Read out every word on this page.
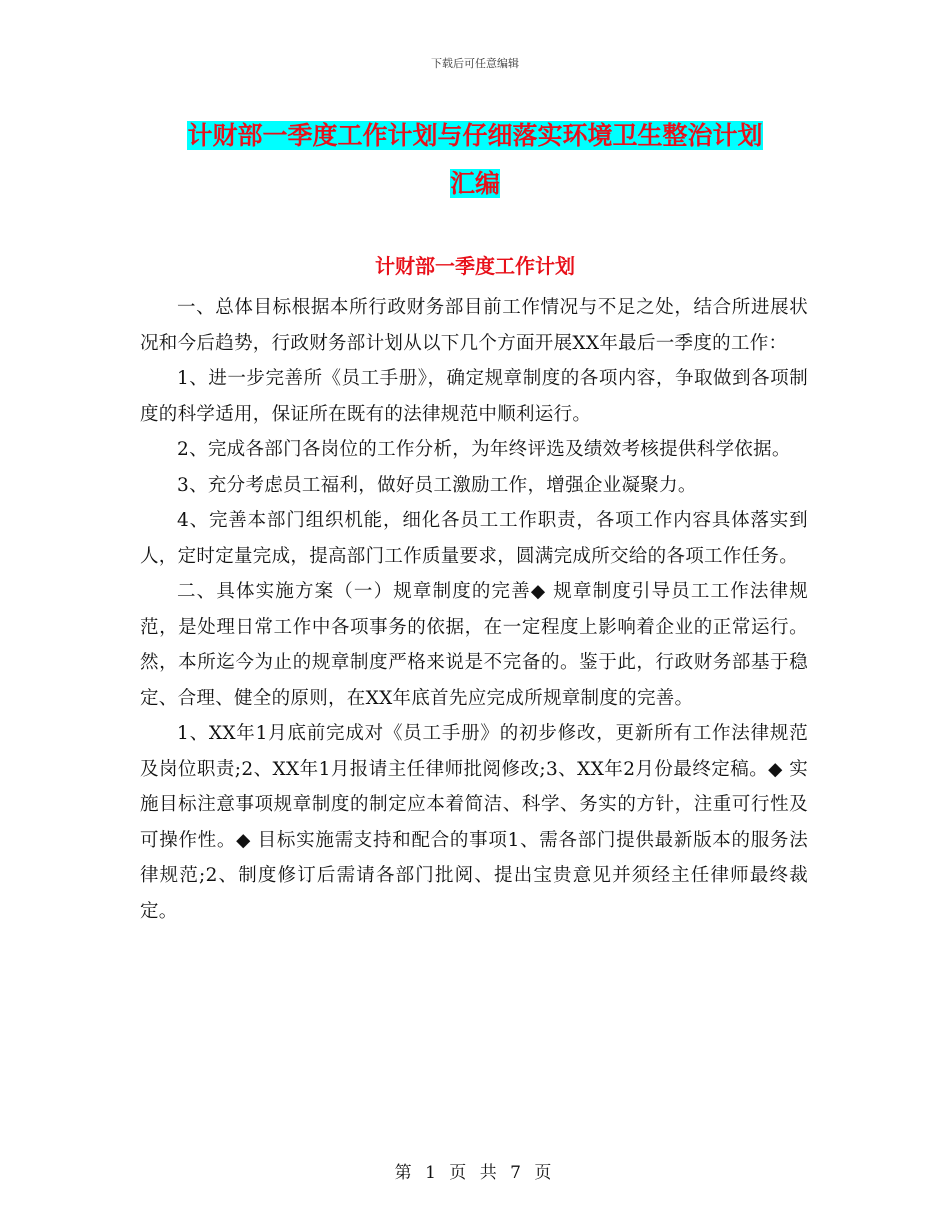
下载后可任意编辑
计财部一季度工作计划与仔细落实环境卫生整治计划
汇编
计财部一季度工作计划

一、总体目标根据本所行政财务部目前工作情况与不足之处，结合所进展状况和今后趋势，行政财务部计划从以下几个方面开展XX年最后一季度的工作：

1、进一步完善所《员工手册》，确定规章制度的各项内容，争取做到各项制度的科学适用，保证所在既有的法律规范中顺利运行。

2、完成各部门各岗位的工作分析，为年终评选及绩效考核提供科学依据。

3、充分考虑员工福利，做好员工激励工作，增强企业凝聚力。

4、完善本部门组织机能，细化各员工工作职责，各项工作内容具体落实到人，定时定量完成，提高部门工作质量要求，圆满完成所交给的各项工作任务。

二、具体实施方案（一）规章制度的完善◆ 规章制度引导员工工作法律规范，是处理日常工作中各项事务的依据，在一定程度上影响着企业的正常运行。然，本所迄今为止的规章制度严格来说是不完备的。鉴于此，行政财务部基于稳定、合理、健全的原则，在XX年底首先应完成所规章制度的完善。

1、XX年1月底前完成对《员工手册》的初步修改，更新所有工作法律规范及岗位职责;2、XX年1月报请主任律师批阅修改;3、XX年2月份最终定稿。◆ 实施目标注意事项规章制度的制定应本着简洁、科学、务实的方针，注重可行性及可操作性。◆ 目标实施需支持和配合的事项1、需各部门提供最新版本的服务法律规范;2、制度修订后需请各部门批阅、提出宝贵意见并须经主任律师最终裁定。

第 1 页 共 7 页
